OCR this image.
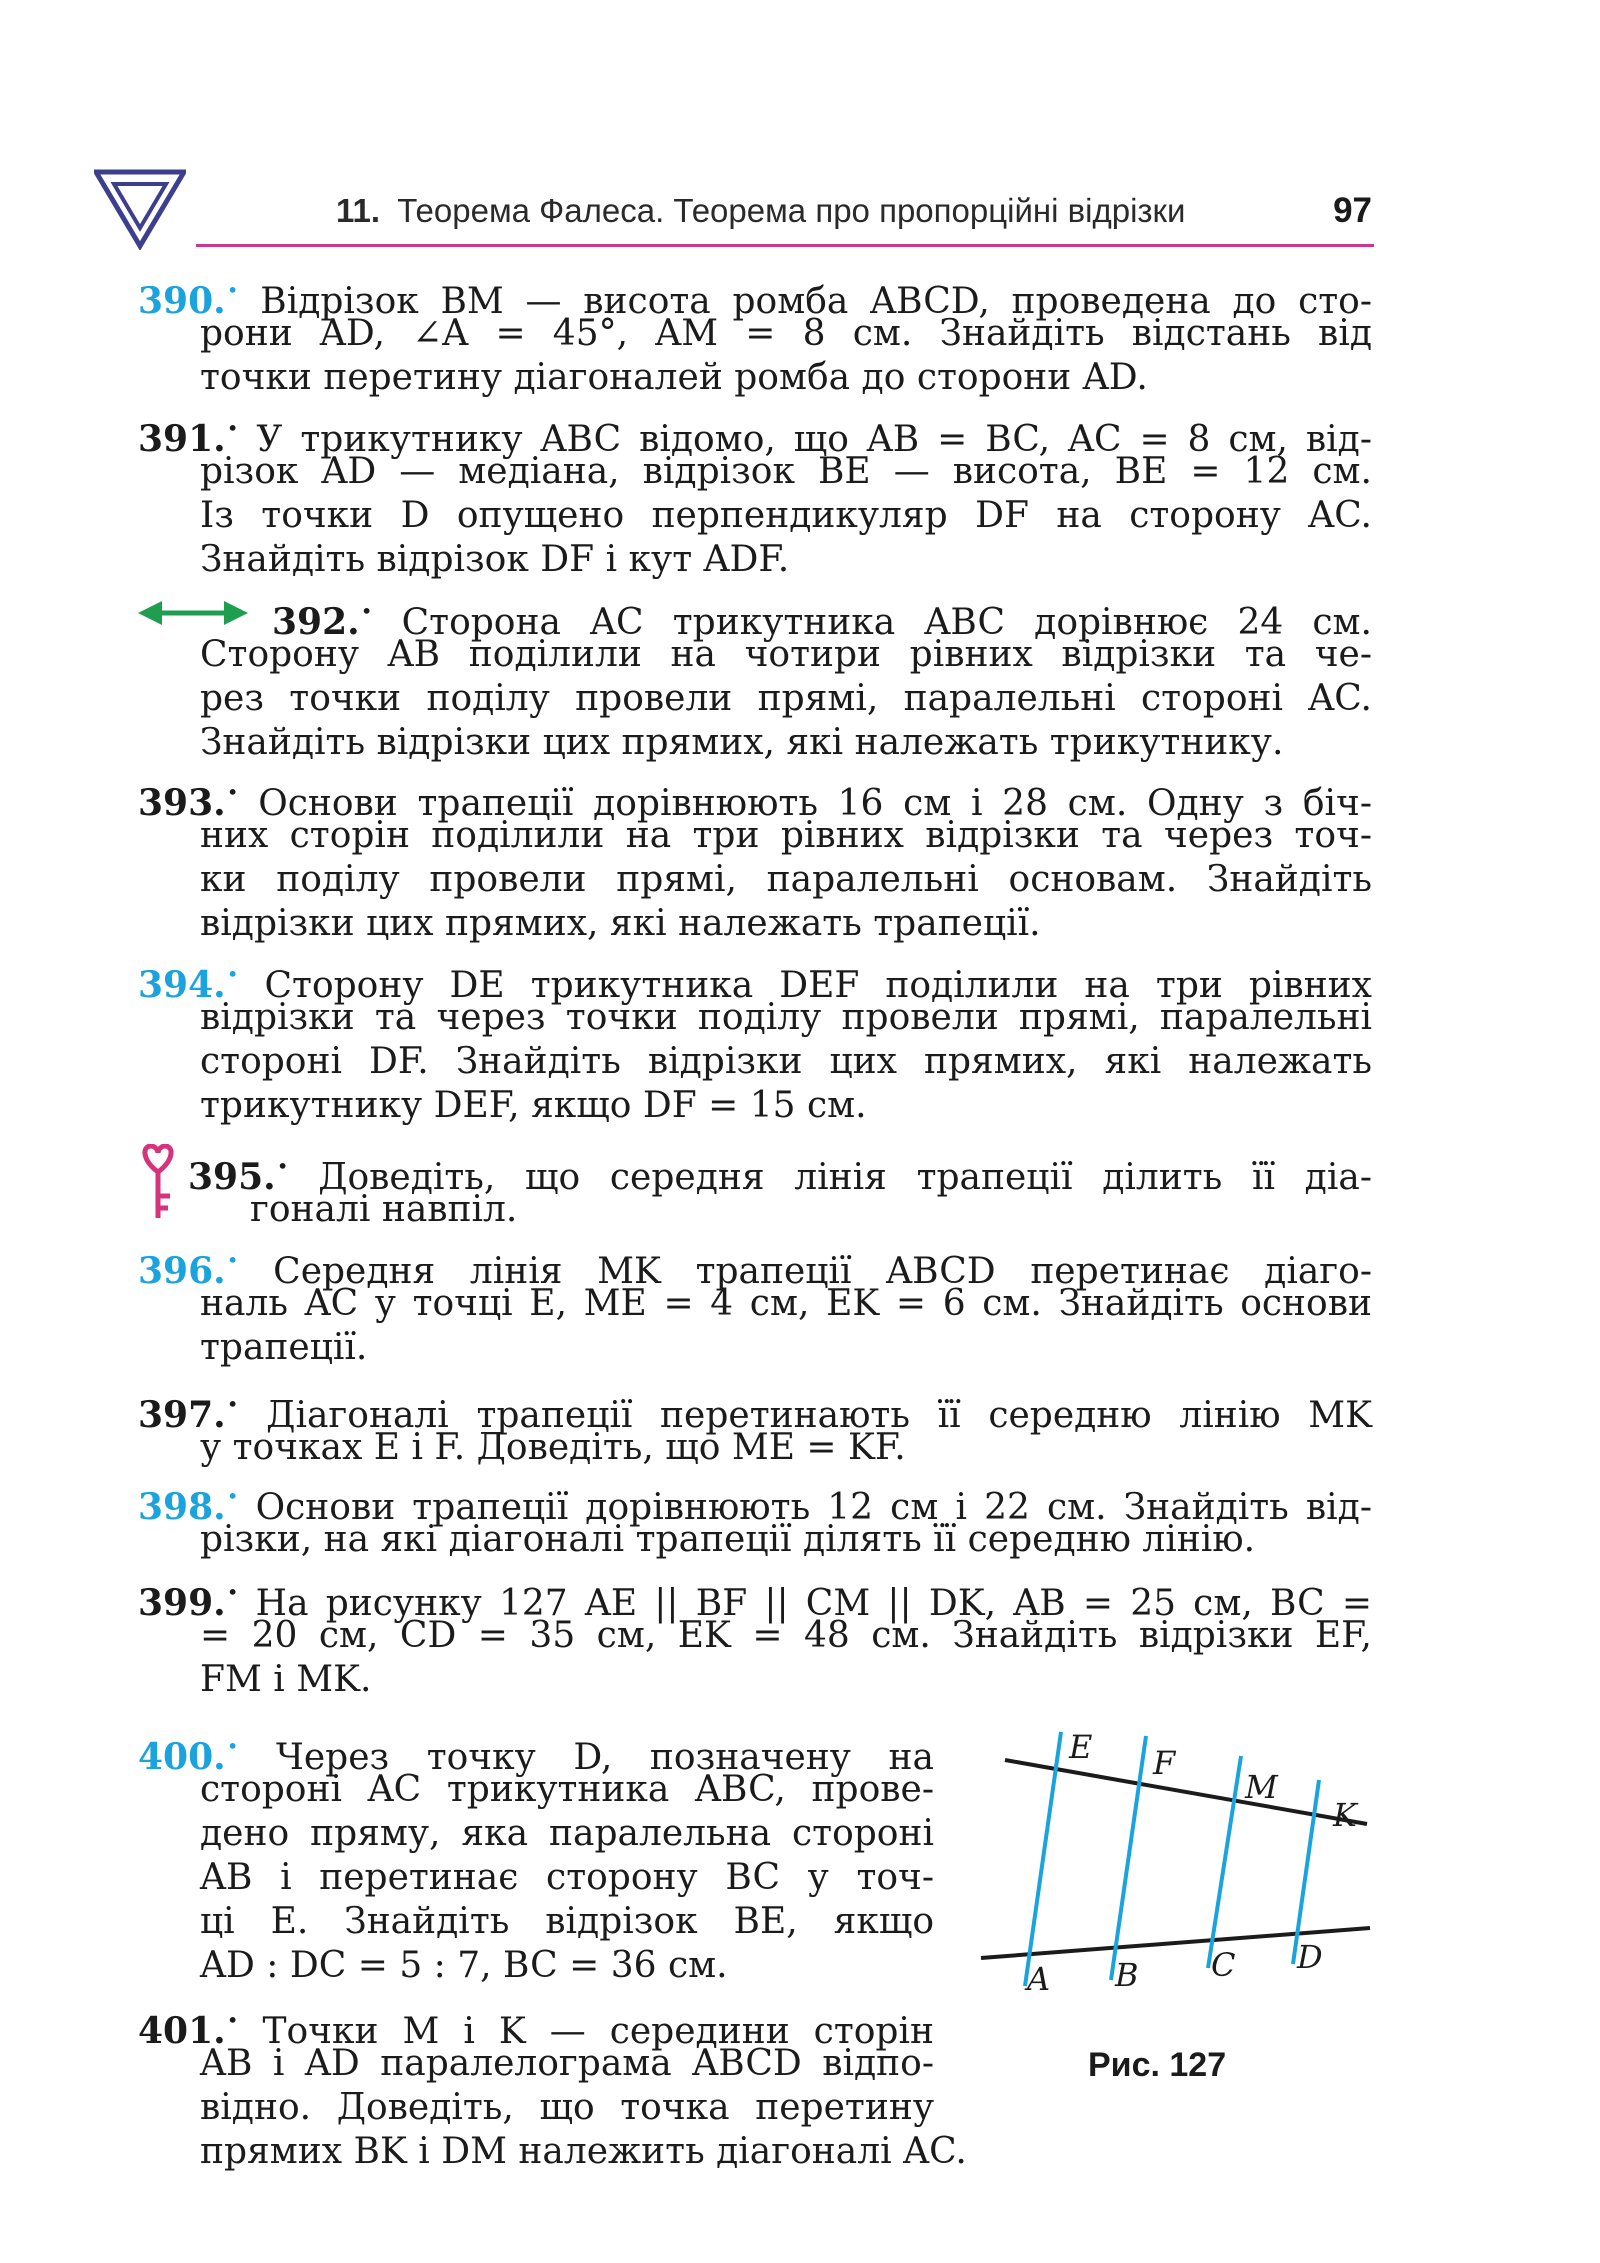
11. Теорема Фалеса. Теорема про пропорційні відрізки	97
390.• Відрізок BM — висота ромба ABCD, проведена до сто-
рони AD, ∠A = 45°, AM = 8 см. Знайдіть відстань від
точки перетину діагоналей ромба до сторони AD.
391.• У трикутнику ABC відомо, що AB = BC, AC = 8 см, від-
різок AD — медіана, відрізок BE — висота, BE = 12 см.
Із точки D опущено перпендикуляр DF на сторону AC.
Знайдіть відрізок DF і кут ADF.
392.• Сторона AC трикутника ABC дорівнює 24 см.
Сторону AB поділили на чотири рівних відрізки та че-
рез точки поділу провели прямі, паралельні стороні AC.
Знайдіть відрізки цих прямих, які належать трикутнику.
393.• Основи трапеції дорівнюють 16 см і 28 см. Одну з біч-
них сторін поділили на три рівних відрізки та через точ-
ки поділу провели прямі, паралельні основам. Знайдіть
відрізки цих прямих, які належать трапеції.
394.• Сторону DE трикутника DEF поділили на три рівних
відрізки та через точки поділу провели прямі, паралельні
стороні DF. Знайдіть відрізки цих прямих, які належать
трикутнику DEF, якщо DF = 15 см.
395.• Доведіть, що середня лінія трапеції ділить її діа-
гоналі навпіл.
396.• Середня лінія MK трапеції ABCD перетинає діаго-
наль AC у точці E, ME = 4 см, EK = 6 см. Знайдіть основи
трапеції.
397.• Діагоналі трапеції перетинають її середню лінію MK
у точках E і F. Доведіть, що ME = KF.
398.• Основи трапеції дорівнюють 12 см і 22 см. Знайдіть від-
різки, на які діагоналі трапеції ділять її середню лінію.
399.• На рисунку 127 AE || BF || CM || DK, AB = 25 см, BC =
= 20 см, CD = 35 см, EK = 48 см. Знайдіть відрізки EF,
FM і MK.
400.• Через точку D, позначену на
стороні AC трикутника ABC, прове-
дено пряму, яка паралельна стороні
AB і перетинає сторону BC у точ-
ці E. Знайдіть відрізок BE, якщо
AD : DC = 5 : 7, BC = 36 см.
401.• Точки M і K — середини сторін
AB і AD паралелограма ABCD відпо-
відно. Доведіть, що точка перетину
прямих BK і DM належить діагоналі AC.
E F
M
K
A B C D
Рис. 127
